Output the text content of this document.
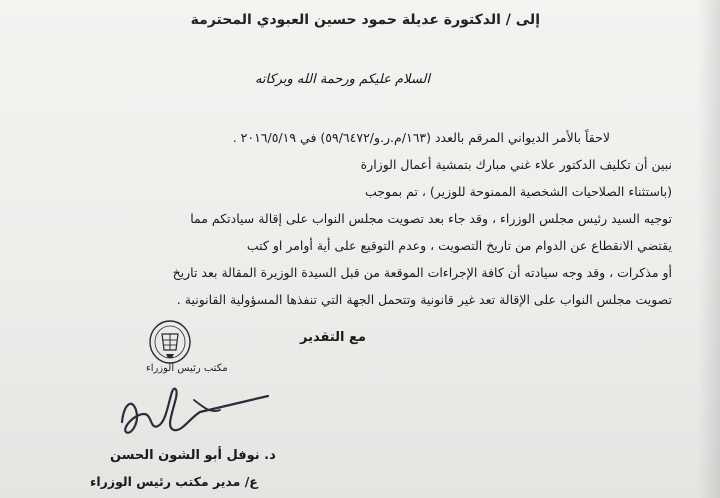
إلى / الدكتورة عديلة حمود حسين العبودي المحترمة
السلام عليكم ورحمة الله وبركاته
لاحقاً بالأمر الديواني المرقم بالعدد (١٦٣/م.ر.و/٥٩/٦٤٧٢) في ٢٠١٦/٥/١٩ .
نبين أن تكليف الدكتور علاء غني مبارك بتمشية أعمال الوزارة
(باستثناء الصلاحيات الشخصية الممنوحة للوزير) ، تم بموجب
توجيه السيد رئيس مجلس الوزراء ، وقد جاء بعد تصويت مجلس النواب على إقالة سيادتكم مما
يقتضي الانقطاع عن الدوام من تاريخ التصويت ، وعدم التوقيع على أية أوامر او كتب
أو مذكرات ، وقد وجه سيادته أن كافة الإجراءات الموقعة من قبل السيدة الوزيرة المقالة بعد تاريخ
تصويت مجلس النواب على الإقالة تعد غير قانونية وتتحمل الجهة التي تنفذها المسؤولية القانونية .
مع التقدير
مكتب رئيس الوزراء
د. نوفل أبو الشون الحسن
ع/ مدير مكتب رئيس الوزراء
